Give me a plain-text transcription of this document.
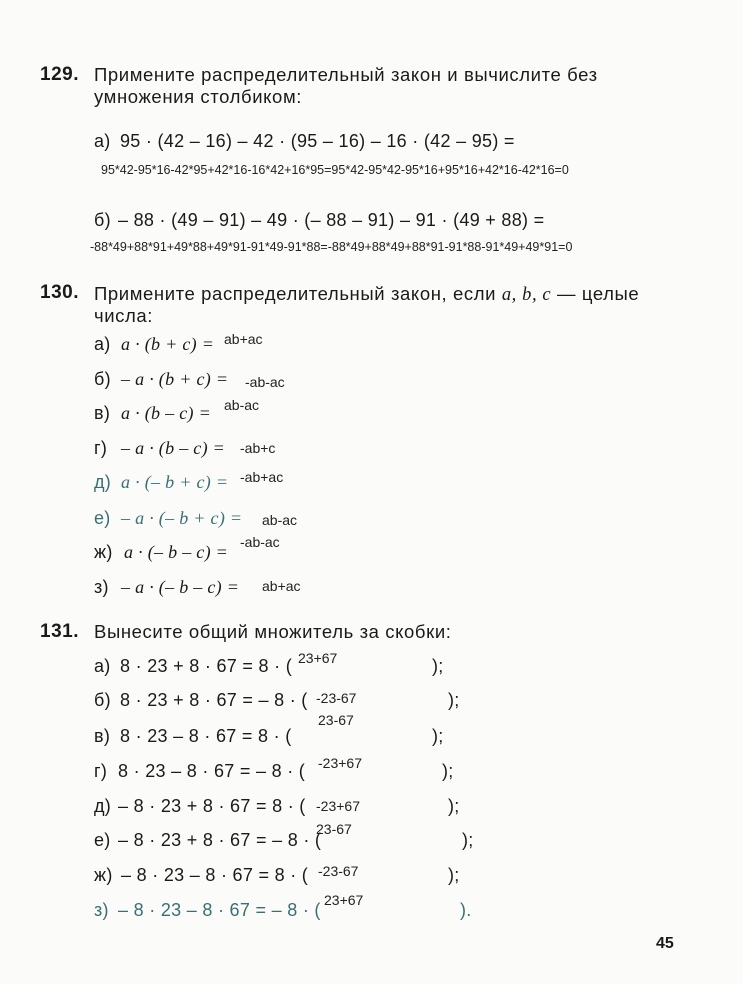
129. Примените распределительный закон и вычислите без
умножения столбиком:
а) 95 · (42 – 16) – 42 · (95 – 16) – 16 · (42 – 95) =
95*42-95*16-42*95+42*16-16*42+16*95=95*42-95*42-95*16+95*16+42*16-42*16=0
б) – 88 · (49 – 91) – 49 · (– 88 – 91) – 91 · (49 + 88) =
-88*49+88*91+49*88+49*91-91*49-91*88=-88*49+88*49+88*91-91*88-91*49+49*91=0
130. Примените распределительный закон, если a, b, c — целые
числа:
а) a · (b + c) = ab+ac
б) – a · (b + c) = -ab-ac
в) a · (b – c) = ab-ac
г) – a · (b – c) = -ab+c
д) a · (– b + c) = -ab+ac
е) – a · (– b + c) = ab-ac
ж) a · (– b – c) = -ab-ac
з) – a · (– b – c) = ab+ac
131. Вынесите общий множитель за скобки:
а) 8 · 23 + 8 · 67 = 8 · ( 23+67	);
б) 8 · 23 + 8 · 67 = – 8 · ( -23-67	);
в) 8 · 23 – 8 · 67 = 8 · (
23-67
);
г) 8 · 23 – 8 · 67 = – 8 · ( -23+67	);
д) – 8 · 23 + 8 · 67 = 8 · ( -23+67	);
е) – 8 · 23 + 8 · 67 = – 8 · (
23-67
);
ж) – 8 · 23 – 8 · 67 = 8 · ( -23-67	);
з) – 8 · 23 – 8 · 67 = – 8 · ( 23+67	).
45
